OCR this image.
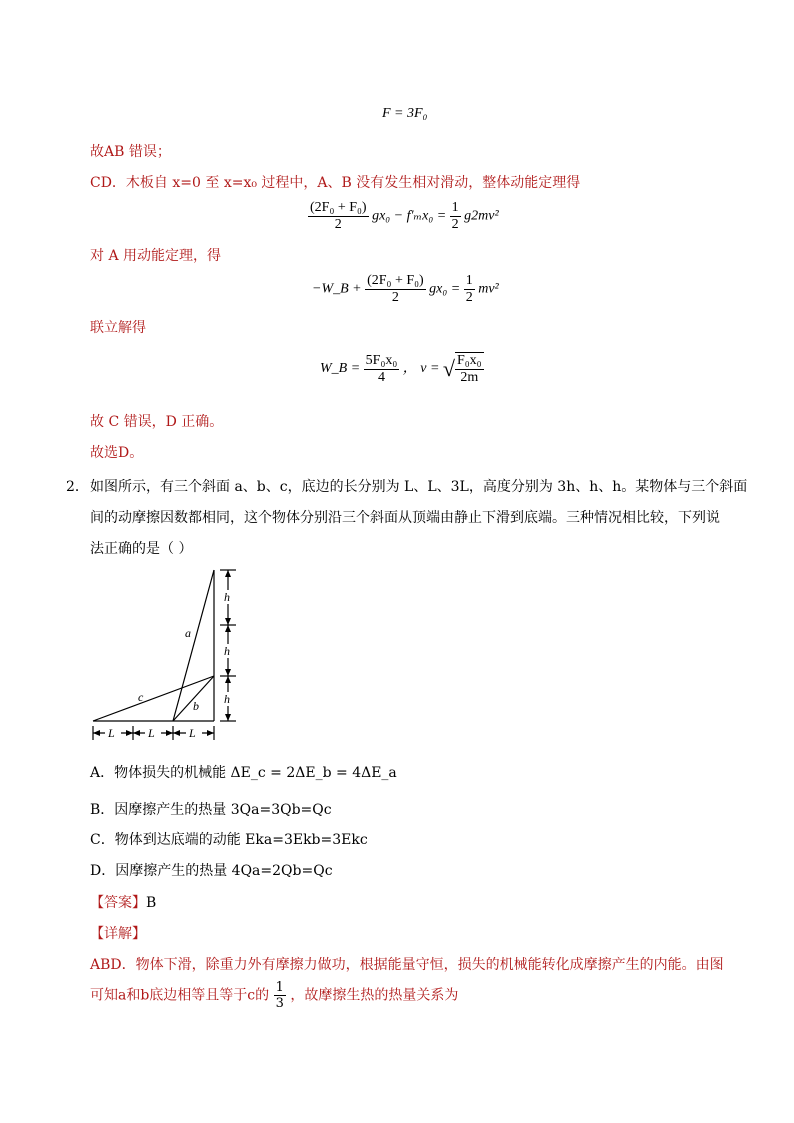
F = 3F₀
故AB 错误；
CD．木板自 x=0 至 x=x₀ 过程中，A、B 没有发生相对滑动，整体动能定理得
$\frac{\text{(2F₀ + F₀)}}{2} gx_0 - f'_mx_0 = \frac{1}{2} g2mv^2$
对 A 用动能定理，得
−W_B + $\frac{\text{(2F₀ + F₀)}}{2} gx_0 = \frac{1}{2} mv^2$
联立解得
W_B = $\frac{\text{5F₀x₀}}{4}$ ， v = √ $\frac{\text{F₀x₀}}{2m}$
故 C 错误，D 正确。
故选D。
2． 如图所示，有三个斜面 a、b、c，底边的长分别为 L、L、3L，高度分别为 3h、h、h。某物体与三个斜面
间的动摩擦因数都相同，这个物体分别沿三个斜面从顶端由静止下滑到底端。三种情况相比较，下列说
法正确的是（ ）
h
h
h
L	L	L
a
b
c
A．物体损失的机械能 ΔE_c = 2ΔE_b = 4ΔE_a
B．因摩擦产生的热量 3Qa=3Qb=Qc
C．物体到达底端的动能 Eka=3Ekb=3Ekc
D．因摩擦产生的热量 4Qa=2Qb=Qc
【答案】B
【详解】
ABD．物体下滑，除重力外有摩擦力做功，根据能量守恒，损失的机械能转化成摩擦产生的内能。由图
可知a和b底边相等且等于c的 $\frac{1}{3}$ ，故摩擦生热的热量关系为
